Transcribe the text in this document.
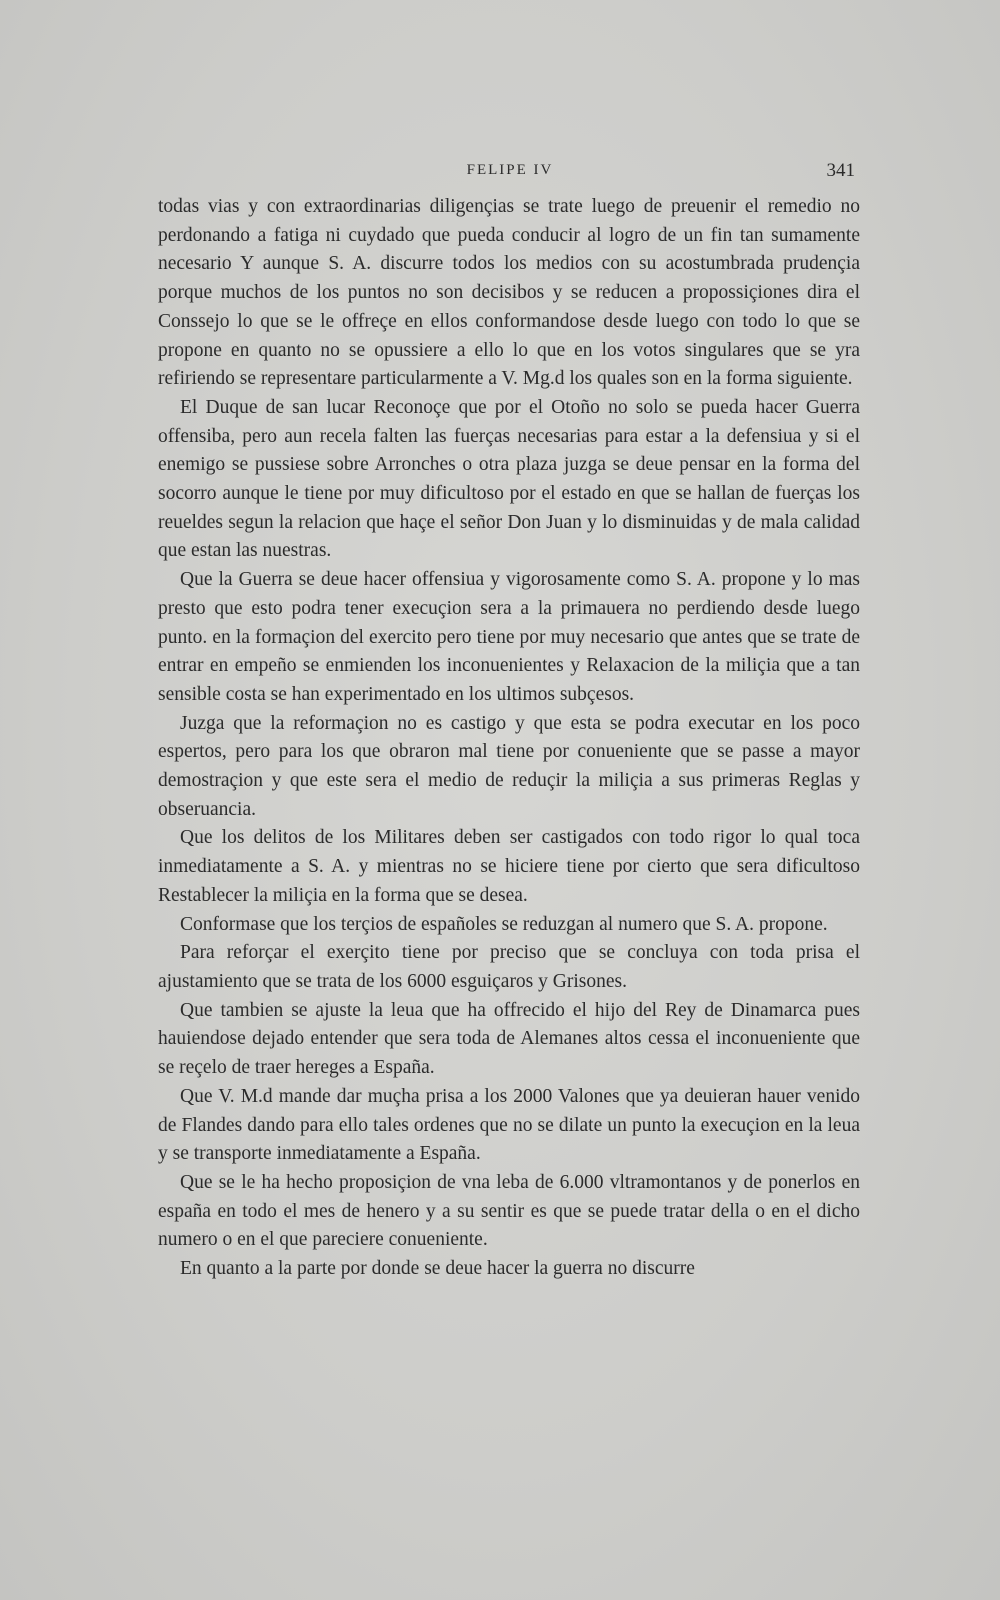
FELIPE IV	341

todas vias y con extraordinarias diligençias se trate luego de preuenir el remedio no perdonando a fatiga ni cuydado que pueda conducir al logro de un fin tan sumamente necesario Y aunque S. A. discurre todos los medios con su acostumbrada prudençia porque muchos de los puntos no son decisibos y se reducen a propossiçiones dira el Conssejo lo que se le offreçe en ellos conformandose desde luego con todo lo que se propone en quanto no se opussiere a ello lo que en los votos singulares que se yra refiriendo se representare particularmente a V. Mg.d los quales son en la forma siguiente.

El Duque de san lucar Reconoçe que por el Otoño no solo se pueda hacer Guerra offensiba, pero aun recela falten las fuerças necesarias para estar a la defensiua y si el enemigo se pussiese sobre Arronches o otra plaza juzga se deue pensar en la forma del socorro aunque le tiene por muy dificultoso por el estado en que se hallan de fuerças los reueldes segun la relacion que haçe el señor Don Juan y lo disminuidas y de mala calidad que estan las nuestras.

Que la Guerra se deue hacer offensiua y vigorosamente como S. A. propone y lo mas presto que esto podra tener execuçion sera a la primauera no perdiendo desde luego punto. en la formaçion del exercito pero tiene por muy necesario que antes que se trate de entrar en empeño se enmienden los inconuenientes y Relaxacion de la miliçia que a tan sensible costa se han experimentado en los ultimos subçesos.

Juzga que la reformaçion no es castigo y que esta se podra executar en los poco espertos, pero para los que obraron mal tiene por conueniente que se passe a mayor demostraçion y que este sera el medio de reduçir la miliçia a sus primeras Reglas y obseruancia.

Que los delitos de los Militares deben ser castigados con todo rigor lo qual toca inmediatamente a S. A. y mientras no se hiciere tiene por cierto que sera dificultoso Restablecer la miliçia en la forma que se desea.

Conformase que los terçios de españoles se reduzgan al numero que S. A. propone.

Para reforçar el exerçito tiene por preciso que se concluya con toda prisa el ajustamiento que se trata de los 6000 esguiçaros y Grisones.

Que tambien se ajuste la leua que ha offrecido el hijo del Rey de Dinamarca pues hauiendose dejado entender que sera toda de Alemanes altos cessa el inconueniente que se reçelo de traer hereges a España.

Que V. M.d mande dar muçha prisa a los 2000 Valones que ya deuieran hauer venido de Flandes dando para ello tales ordenes que no se dilate un punto la execuçion en la leua y se transporte inmediatamente a España.

Que se le ha hecho proposiçion de vna leba de 6.000 vltramontanos y de ponerlos en españa en todo el mes de henero y a su sentir es que se puede tratar della o en el dicho numero o en el que pareciere conueniente.

En quanto a la parte por donde se deue hacer la guerra no discurre
